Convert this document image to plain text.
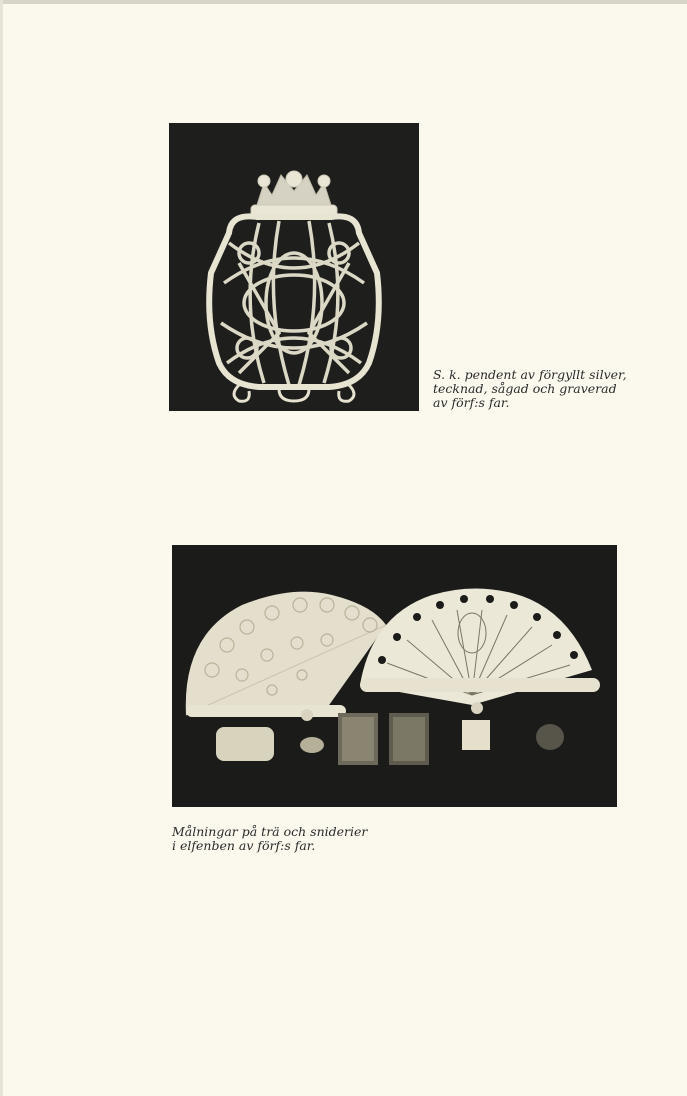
S. k. pendent av förgyllt silver,
tecknad, sågad och graverad
av förf:s far.

Målningar på trä och sniderier
i elfenben av förf:s far.
